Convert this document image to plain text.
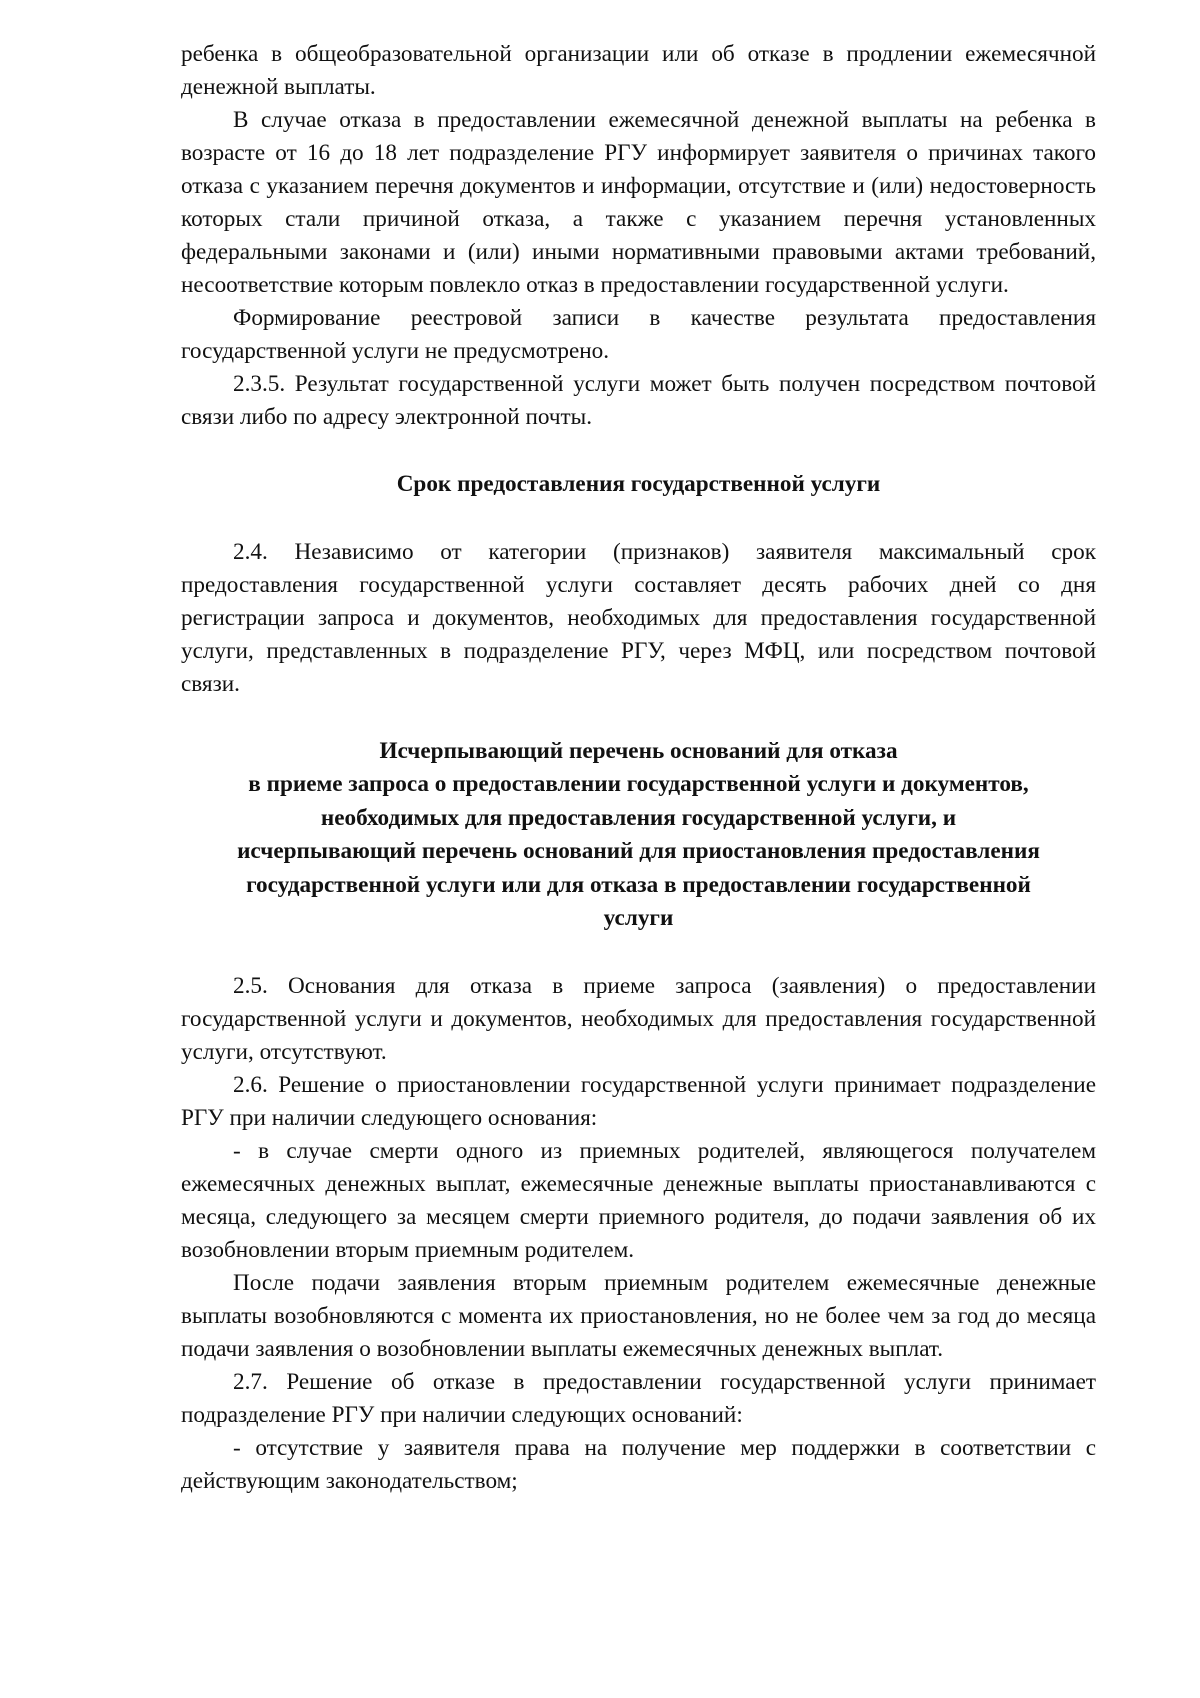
ребенка в общеобразовательной организации или об отказе в продлении ежемесячной денежной выплаты.

В случае отказа в предоставлении ежемесячной денежной выплаты на ребенка в возрасте от 16 до 18 лет подразделение РГУ информирует заявителя о причинах такого отказа с указанием перечня документов и информации, отсутствие и (или) недостоверность которых стали причиной отказа, а также с указанием перечня установленных федеральными законами и (или) иными нормативными правовыми актами требований, несоответствие которым повлекло отказ в предоставлении государственной услуги.

Формирование реестровой записи в качестве результата предоставления государственной услуги не предусмотрено.

2.3.5. Результат государственной услуги может быть получен посредством почтовой связи либо по адресу электронной почты.

Срок предоставления государственной услуги

2.4. Независимо от категории (признаков) заявителя максимальный срок предоставления государственной услуги составляет десять рабочих дней со дня регистрации запроса и документов, необходимых для предоставления государственной услуги, представленных в подразделение РГУ, через МФЦ, или посредством почтовой связи.

Исчерпывающий перечень оснований для отказа
в приеме запроса о предоставлении государственной услуги и документов,
необходимых для предоставления государственной услуги, и
исчерпывающий перечень оснований для приостановления предоставления
государственной услуги или для отказа в предоставлении государственной
услуги

2.5. Основания для отказа в приеме запроса (заявления) о предоставлении государственной услуги и документов, необходимых для предоставления государственной услуги, отсутствуют.

2.6. Решение о приостановлении государственной услуги принимает подразделение РГУ при наличии следующего основания:

- в случае смерти одного из приемных родителей, являющегося получателем ежемесячных денежных выплат, ежемесячные денежные выплаты приостанавливаются с месяца, следующего за месяцем смерти приемного родителя, до подачи заявления об их возобновлении вторым приемным родителем.

После подачи заявления вторым приемным родителем ежемесячные денежные выплаты возобновляются с момента их приостановления, но не более чем за год до месяца подачи заявления о возобновлении выплаты ежемесячных денежных выплат.

2.7. Решение об отказе в предоставлении государственной услуги принимает подразделение РГУ при наличии следующих оснований:

- отсутствие у заявителя права на получение мер поддержки в соответствии с действующим законодательством;
